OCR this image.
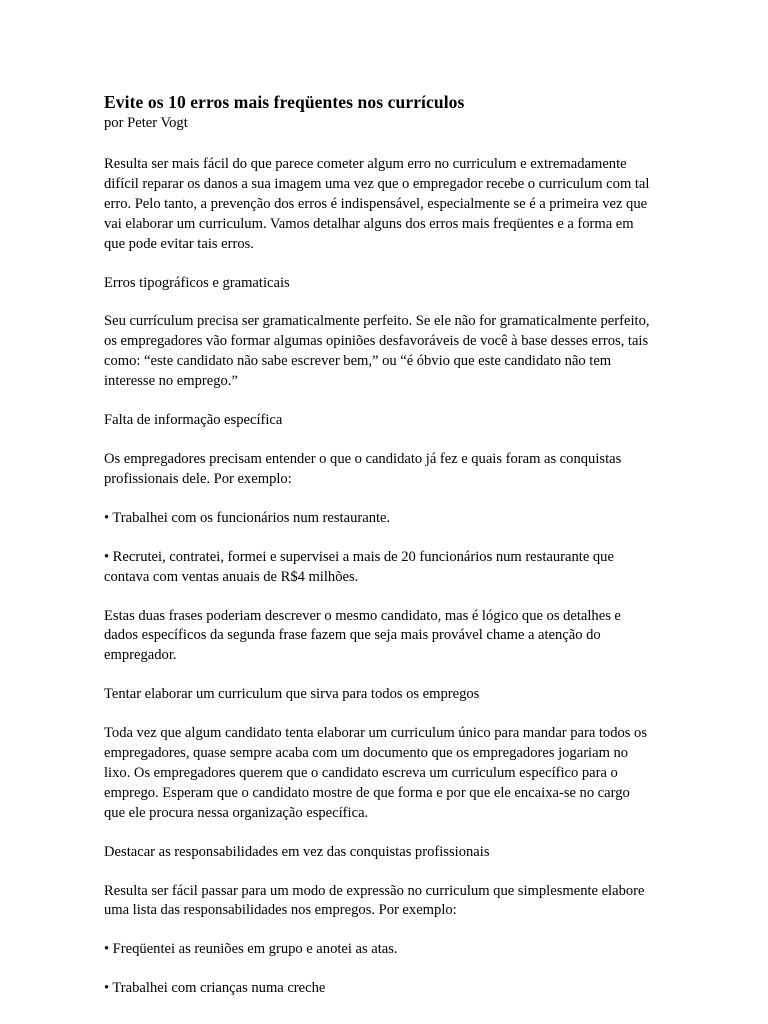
Evite os 10 erros mais freqüentes nos currículos
por Peter Vogt
Resulta ser mais fácil do que parece cometer algum erro no curriculum e extremadamente difícil reparar os danos a sua imagem uma vez que o empregador recebe o curriculum com tal erro. Pelo tanto, a prevenção dos erros é indispensável, especialmente se é a primeira vez que vai elaborar um curriculum. Vamos detalhar alguns dos erros mais freqüentes e a forma em que pode evitar tais erros.
Erros tipográficos e gramaticais
Seu currículum precisa ser gramaticalmente perfeito. Se ele não for gramaticalmente perfeito, os empregadores vão formar algumas opiniões desfavoráveis de você à base desses erros, tais como: “este candidato não sabe escrever bem,” ou “é óbvio que este candidato não tem interesse no emprego.”
Falta de informação específica
Os empregadores precisam entender o que o candidato já fez e quais foram as conquistas profissionais dele. Por exemplo:
• Trabalhei com os funcionários num restaurante.
• Recrutei, contratei, formei e supervisei a mais de 20 funcionários num restaurante que contava com ventas anuais de R$4 milhões.
Estas duas frases poderiam descrever o mesmo candidato, mas é lógico que os detalhes e dados específicos da segunda frase fazem que seja mais provável chame a atenção do empregador.
Tentar elaborar um curriculum que sirva para todos os empregos
Toda vez que algum candidato tenta elaborar um curriculum único para mandar para todos os empregadores, quase sempre acaba com um documento que os empregadores jogariam no lixo. Os empregadores querem que o candidato escreva um curriculum específico para o emprego. Esperam que o candidato mostre de que forma e por que ele encaixa-se no cargo que ele procura nessa organização específica.
Destacar as responsabilidades em vez das conquistas profissionais
Resulta ser fácil passar para um modo de expressão no curriculum que simplesmente elabore uma lista das responsabilidades nos empregos. Por exemplo:
• Freqüentei as reuniões em grupo e anotei as atas.
• Trabalhei com crianças numa creche
